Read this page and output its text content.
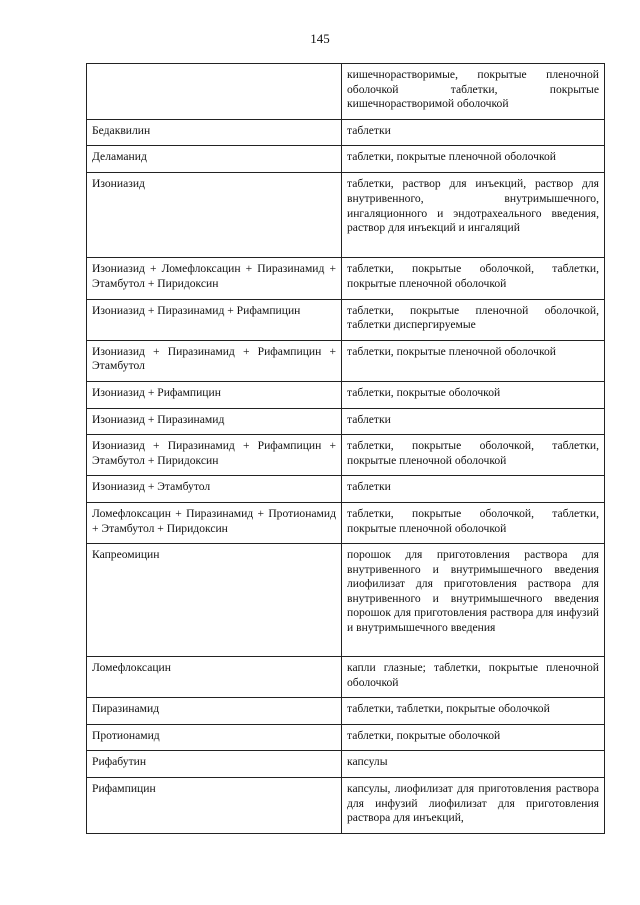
145
	кишечнорастворимые, покрытые пленочной оболочкой таблетки, покрытые кишечнорастворимой оболочкой
Бедаквилин	таблетки
Деламанид	таблетки, покрытые пленочной оболочкой
Изониазид	таблетки, раствор для инъекций, раствор для внутривенного, внутримышечного, ингаляционного и эндотрахеального введения, раствор для инъекций и ингаляций
Изониазид + Ломефлоксацин + Пиразинамид + Этамбутол + Пиридоксин	таблетки, покрытые оболочкой, таблетки, покрытые пленочной оболочкой
Изониазид + Пиразинамид + Рифампицин	таблетки, покрытые пленочной оболочкой, таблетки диспергируемые
Изониазид + Пиразинамид + Рифампицин + Этамбутол	таблетки, покрытые пленочной оболочкой
Изониазид + Рифампицин	таблетки, покрытые оболочкой
Изониазид + Пиразинамид	таблетки
Изониазид + Пиразинамид + Рифампицин + Этамбутол + Пиридоксин	таблетки, покрытые оболочкой, таблетки, покрытые пленочной оболочкой
Изониазид + Этамбутол	таблетки
Ломефлоксацин + Пиразинамид + Протионамид + Этамбутол + Пиридоксин	таблетки, покрытые оболочкой, таблетки, покрытые пленочной оболочкой
Капреомицин	порошок для приготовления раствора для внутривенного и внутримышечного введения лиофилизат для приготовления раствора для внутривенного и внутримышечного введения порошок для приготовления раствора для инфузий и внутримышечного введения
Ломефлоксацин	капли глазные; таблетки, покрытые пленочной оболочкой
Пиразинамид	таблетки, таблетки, покрытые оболочкой
Протионамид	таблетки, покрытые оболочкой
Рифабутин	капсулы
Рифампицин	капсулы, лиофилизат для приготовления раствора для инфузий лиофилизат для приготовления раствора для инъекций,
